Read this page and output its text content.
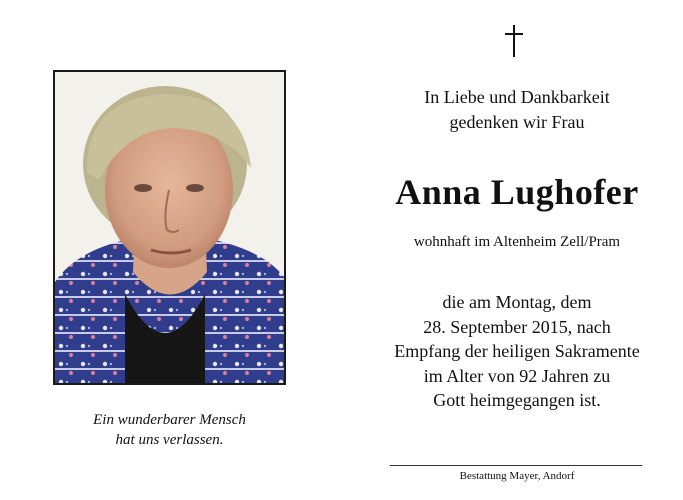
Ein wunderbarer Mensch
hat uns verlassen.
In Liebe und Dankbarkeit
gedenken wir Frau
Anna Lughofer
wohnhaft im Altenheim Zell/Pram
die am Montag, dem
28. September 2015, nach
Empfang der heiligen Sakramente
im Alter von 92 Jahren zu
Gott heimgegangen ist.
Bestattung Mayer, Andorf
